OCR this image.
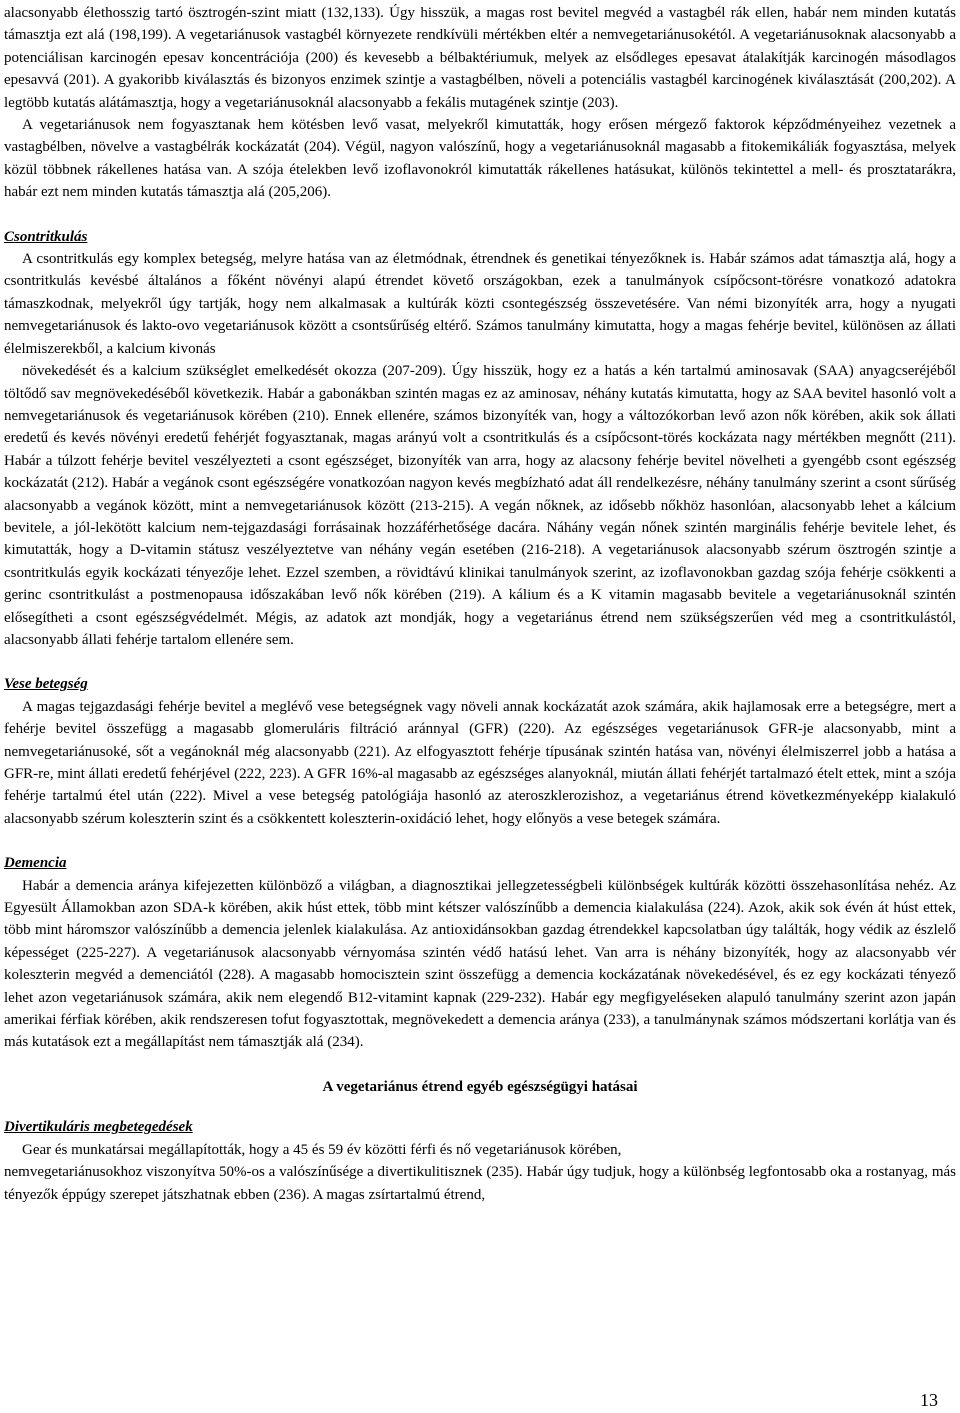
alacsonyabb élethosszig tartó ösztrogén-szint miatt (132,133). Úgy hisszük, a magas rost bevitel megvéd a vastagbél rák ellen, habár nem minden kutatás támasztja ezt alá (198,199). A vegetariánusok vastagbél környezete rendkívüli mértékben eltér a nemvegetariánusokétól. A vegetariánusoknak alacsonyabb a potenciálisan karcinogén epesav koncentrációja (200) és kevesebb a bélbaktériumuk, melyek az elsődleges epesavat átalakítják karcinogén másodlagos epesavvá (201). A gyakoribb kiválasztás és bizonyos enzimek szintje a vastagbélben, növeli a potenciális vastagbél karcinogének kiválasztását (200,202). A legtöbb kutatás alátámasztja, hogy a vegetariánusoknál alacsonyabb a fekális mutagének szintje (203).

A vegetariánusok nem fogyasztanak hem kötésben levő vasat, melyekről kimutatták, hogy erősen mérgező faktorok képződményeihez vezetnek a vastagbélben, növelve a vastagbélrák kockázatát (204). Végül, nagyon valószínű, hogy a vegetariánusoknál magasabb a fitokemikáliák fogyasztása, melyek közül többnek rákellenes hatása van. A szója ételekben levő izoflavonokról kimutatták rákellenes hatásukat, különös tekintettel a mell- és prosztatarákra, habár ezt nem minden kutatás támasztja alá (205,206).

Csontritkulás

A csontritkulás egy komplex betegség, melyre hatása van az életmódnak, étrendnek és genetikai tényezőknek is. Habár számos adat támasztja alá, hogy a csontritkulás kevésbé általános a főként növényi alapú étrendet követő országokban, ezek a tanulmányok csípőcsont-törésre vonatkozó adatokra támaszkodnak, melyekről úgy tartják, hogy nem alkalmasak a kultúrák közti csontegészség összevetésére. Van némi bizonyíték arra, hogy a nyugati nemvegetariánusok és lakto-ovo vegetariánusok között a csontsűrűség eltérő. Számos tanulmány kimutatta, hogy a magas fehérje bevitel, különösen az állati élelmiszerekből, a kalcium kivonás

növekedését és a kalcium szükséglet emelkedését okozza (207-209). Úgy hisszük, hogy ez a hatás a kén tartalmú aminosavak (SAA) anyagcseréjéből töltődő sav megnövekedéséből következik. Habár a gabonákban szintén magas ez az aminosav, néhány kutatás kimutatta, hogy az SAA bevitel hasonló volt a nemvegetariánusok és vegetariánusok körében (210). Ennek ellenére, számos bizonyíték van, hogy a változókorban levő azon nők körében, akik sok állati eredetű és kevés növényi eredetű fehérjét fogyasztanak, magas arányú volt a csontritkulás és a csípőcsont-törés kockázata nagy mértékben megnőtt (211). Habár a túlzott fehérje bevitel veszélyezteti a csont egészséget, bizonyíték van arra, hogy az alacsony fehérje bevitel növelheti a gyengébb csont egészség kockázatát (212). Habár a vegánok csont egészségére vonatkozóan nagyon kevés megbízható adat áll rendelkezésre, néhány tanulmány szerint a csont sűrűség alacsonyabb a vegánok között, mint a nemvegetariánusok között (213-215). A vegán nőknek, az idősebb nőkhöz hasonlóan, alacsonyabb lehet a kálcium bevitele, a jól-lekötött kalcium nem-tejgazdasági forrásainak hozzáférhetősége dacára. Náhány vegán nőnek szintén marginális fehérje bevitele lehet, és kimutatták, hogy a D-vitamin státusz veszélyeztetve van néhány vegán esetében (216-218). A vegetariánusok alacsonyabb szérum ösztrogén szintje a csontritkulás egyik kockázati tényezője lehet. Ezzel szemben, a rövidtávú klinikai tanulmányok szerint, az izoflavonokban gazdag szója fehérje csökkenti a gerinc csontritkulást a postmenopausa időszakában levő nők körében (219). A kálium és a K vitamin magasabb bevitele a vegetariánusoknál szintén elősegítheti a csont egészségvédelmét. Mégis, az adatok azt mondják, hogy a vegetariánus étrend nem szükségszerűen véd meg a csontritkulástól, alacsonyabb állati fehérje tartalom ellenére sem.

Vese betegség

A magas tejgazdasági fehérje bevitel a meglévő vese betegségnek vagy növeli annak kockázatát azok számára, akik hajlamosak erre a betegségre, mert a fehérje bevitel összefügg a magasabb glomeruláris filtráció aránnyal (GFR) (220). Az egészséges vegetariánusok GFR-je alacsonyabb, mint a nemvegetariánusoké, sőt a vegánoknál még alacsonyabb (221). Az elfogyasztott fehérje típusának szintén hatása van, növényi élelmiszerrel jobb a hatása a GFR-re, mint állati eredetű fehérjével (222, 223). A GFR 16%-al magasabb az egészséges alanyoknál, miután állati fehérjét tartalmazó ételt ettek, mint a szója fehérje tartalmú étel után (222). Mivel a vese betegség patológiája hasonló az ateroszklerozishoz, a vegetariánus étrend következményeképp kialakuló alacsonyabb szérum koleszterin szint és a csökkentett koleszterin-oxidáció lehet, hogy előnyös a vese betegek számára.

Demencia

Habár a demencia aránya kifejezetten különböző a világban, a diagnosztikai jellegzetességbeli különbségek kultúrák közötti összehasonlítása nehéz. Az Egyesült Államokban azon SDA-k körében, akik húst ettek, több mint kétszer valószínűbb a demencia kialakulása (224). Azok, akik sok évén át húst ettek, több mint háromszor valószínűbb a demencia jelenlek kialakulása. Az antioxidánsokban gazdag étrendekkel kapcsolatban úgy találták, hogy védik az észlelő képességet (225-227). A vegetariánusok alacsonyabb vérnyomása szintén védő hatású lehet. Van arra is néhány bizonyíték, hogy az alacsonyabb vér koleszterin megvéd a demenciától (228). A magasabb homocisztein szint összefügg a demencia kockázatának növekedésével, és ez egy kockázati tényező lehet azon vegetariánusok számára, akik nem elegendő B12-vitamint kapnak (229-232). Habár egy megfigyeléseken alapuló tanulmány szerint azon japán amerikai férfiak körében, akik rendszeresen tofut fogyasztottak, megnövekedett a demencia aránya (233), a tanulmánynak számos módszertani korlátja van és más kutatások ezt a megállapítást nem támasztják alá (234).

A vegetariánus étrend egyéb egészségügyi hatásai
Divertikuláris megbetegedések

Gear és munkatársai megállapították, hogy a 45 és 59 év közötti férfi és nő vegetariánusok körében,

nemvegetariánusokhoz viszonyítva 50%-os a valószínűsége a divertikulitisznek (235). Habár úgy tudjuk, hogy a különbség legfontosabb oka a rostanyag, más tényezők éppúgy szerepet játszhatnak ebben (236). A magas zsírtartalmú étrend,

13
